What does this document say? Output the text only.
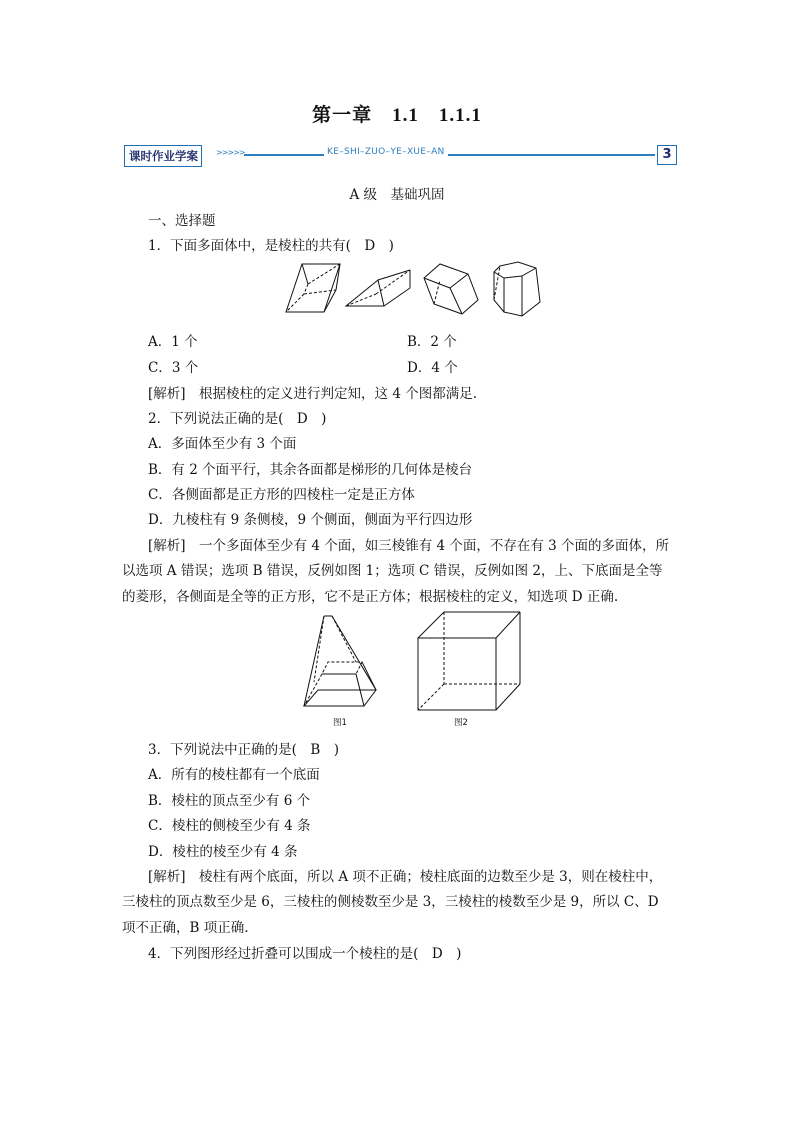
第一章　1.1　1.1.1
课时作业学案	>>>>>	KE–SHI–ZUO–YE–XUE–AN	3
A 级　基础巩固
一、选择题
1．下面多面体中，是棱柱的共有(　D　)
A．1 个	B．2 个
C．3 个	D．4 个
[解析]　根据棱柱的定义进行判定知，这 4 个图都满足.
2．下列说法正确的是(　D　)
A．多面体至少有 3 个面
B．有 2 个面平行，其余各面都是梯形的几何体是棱台
C．各侧面都是正方形的四棱柱一定是正方体
D．九棱柱有 9 条侧棱，9 个侧面，侧面为平行四边形
[解析]　一个多面体至少有 4 个面，如三棱锥有 4 个面，不存在有 3 个面的多面体，所
以选项 A 错误；选项 B 错误，反例如图 1；选项 C 错误，反例如图 2，上、下底面是全等
的菱形，各侧面是全等的正方形，它不是正方体；根据棱柱的定义，知选项 D 正确.
图1	图2
3．下列说法中正确的是(　B　)
A．所有的棱柱都有一个底面
B．棱柱的顶点至少有 6 个
C．棱柱的侧棱至少有 4 条
D．棱柱的棱至少有 4 条
[解析]　棱柱有两个底面，所以 A 项不正确；棱柱底面的边数至少是 3，则在棱柱中，
三棱柱的顶点数至少是 6，三棱柱的侧棱数至少是 3，三棱柱的棱数至少是 9，所以 C、D
项不正确，B 项正确.
4．下列图形经过折叠可以围成一个棱柱的是(　D　)
